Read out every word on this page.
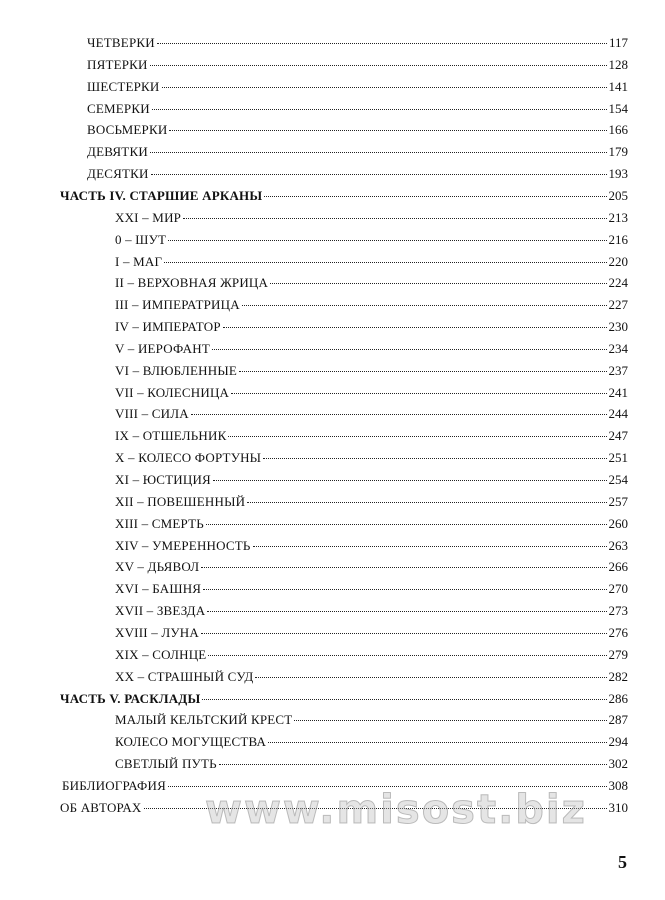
ЧЕТВЕРКИ	117
ПЯТЕРКИ	128
ШЕСТЕРКИ	141
СЕМЕРКИ	154
ВОСЬМЕРКИ	166
ДЕВЯТКИ	179
ДЕСЯТКИ	193
ЧАСТЬ IV. СТАРШИЕ АРКАНЫ	205
XXI – МИР	213
0 – ШУТ	216
I – МАГ	220
II – ВЕРХОВНАЯ ЖРИЦА	224
III – ИМПЕРАТРИЦА	227
IV – ИМПЕРАТОР	230
V – ИЕРОФАНТ	234
VI – ВЛЮБЛЕННЫЕ	237
VII – КОЛЕСНИЦА	241
VIII – СИЛА	244
IX – ОТШЕЛЬНИК	247
X – КОЛЕСО ФОРТУНЫ	251
XI – ЮСТИЦИЯ	254
XII – ПОВЕШЕННЫЙ	257
XIII – СМЕРТЬ	260
XIV – УМЕРЕННОСТЬ	263
XV – ДЬЯВОЛ	266
XVI – БАШНЯ	270
XVII – ЗВЕЗДА	273
XVIII – ЛУНА	276
XIX – СОЛНЦЕ	279
XX – СТРАШНЫЙ СУД	282
ЧАСТЬ V. РАСКЛАДЫ	286
МАЛЫЙ КЕЛЬТСКИЙ КРЕСТ	287
КОЛЕСО МОГУЩЕСТВА	294
СВЕТЛЫЙ ПУТЬ	302
БИБЛИОГРАФИЯ	308
ОБ АВТОРАХ	310
www.misost.biz
5
